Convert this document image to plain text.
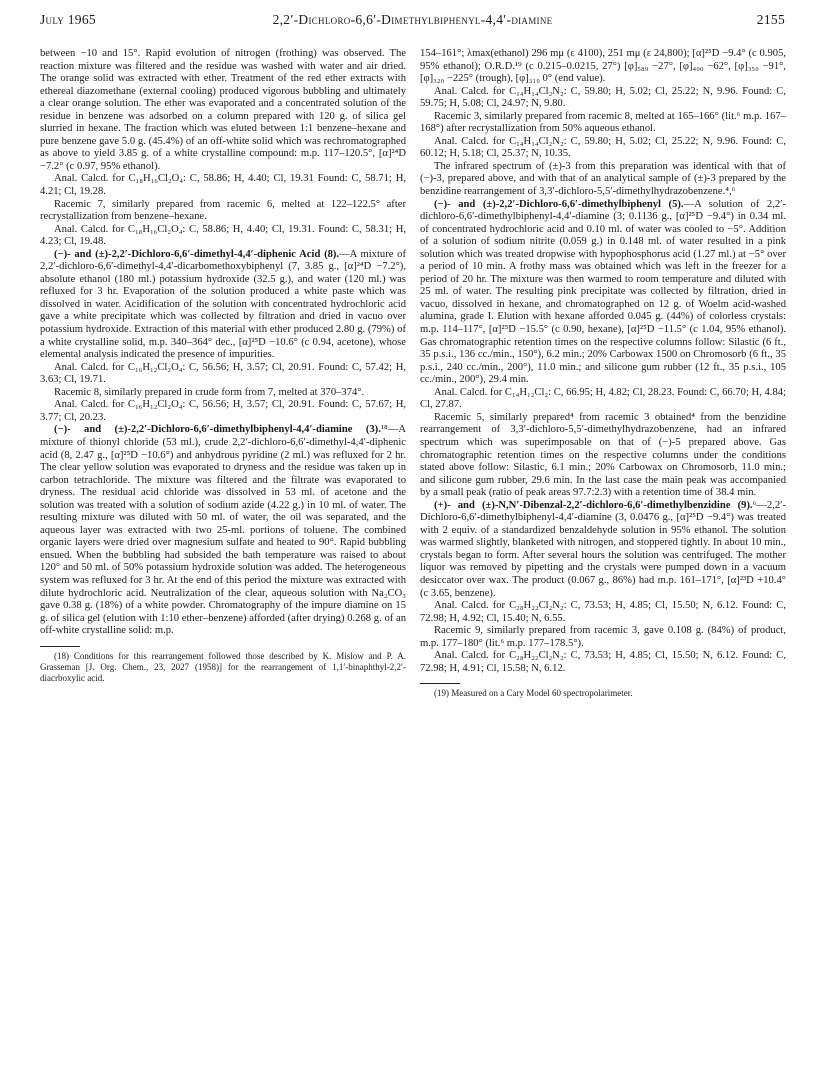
July 1965	2,2′-Dichloro-6,6′-Dimethylbiphenyl-4,4′-diamine	2155

between −10 and 15°. Rapid evolution of nitrogen (frothing) was observed. The reaction mixture was filtered and the residue was washed with water and air dried. The orange solid was extracted with ether. Treatment of the red ether extracts with ethereal diazomethane (external cooling) produced vigorous bubbling and ultimately a clear orange solution. The ether was evaporated and a concentrated solution of the residue in benzene was adsorbed on a column prepared with 120 g. of silica gel slurried in hexane. The fraction which was eluted between 1:1 benzene–hexane and pure benzene gave 5.0 g. (45.4%) of an off-white solid which was rechromatographed as above to yield 3.85 g. of a white crystalline compound: m.p. 117–120.5°, [α]²⁴D −7.2° (c 0.97, 95% ethanol).

Anal. Calcd. for C₁₈H₁₆Cl₂O₄: C, 58.86; H, 4.40; Cl, 19.31 Found: C, 58.71; H, 4.21; Cl, 19.28.

Racemic 7, similarly prepared from racemic 6, melted at 122–122.5° after recrystallization from benzene–hexane.

Anal. Calcd. for C₁₈H₁₆Cl₂O₄: C, 58.86; H, 4.40; Cl, 19.31. Found: C, 58.31; H, 4.23; Cl, 19.48.

(−)- and (±)-2,2′-Dichloro-6,6′-dimethyl-4,4′-diphenic Acid (8).—A mixture of 2,2′-dichloro-6,6′-dimethyl-4,4′-dicarbomethoxybiphenyl (7, 3.85 g., [α]²⁴D −7.2°), absolute ethanol (180 ml.) potassium hydroxide (32.5 g.), and water (120 ml.) was refluxed for 3 hr. Evaporation of the solution produced a white paste which was dissolved in water. Acidification of the solution with concentrated hydrochloric acid gave a white precipitate which was collected by filtration and dried in vacuo over potassium hydroxide. Extraction of this material with ether produced 2.80 g. (79%) of a white crystalline solid, m.p. 340–364° dec., [α]²⁵D −10.6° (c 0.94, acetone), whose elemental analysis indicated the presence of impurities.

Anal. Calcd. for C₁₆H₁₂Cl₂O₄: C, 56.56; H, 3.57; Cl, 20.91. Found: C, 57.42; H, 3.63; Cl, 19.71.

Racemic 8, similarly prepared in crude form from 7, melted at 370–374°.

Anal. Calcd. for C₁₆H₁₂Cl₂O₄: C, 56.56; H, 3.57; Cl, 20.91. Found: C, 57.67; H, 3.77; Cl, 20.23.

(−)- and (±)-2,2′-Dichloro-6,6′-dimethylbiphenyl-4,4′-diamine (3).¹⁸—A mixture of thionyl chloride (53 ml.), crude 2,2′-dichloro-6,6′-dimethyl-4,4′-diphenic acid (8, 2.47 g., [α]²⁵D −10.6°) and anhydrous pyridine (2 ml.) was refluxed for 2 hr. The clear yellow solution was evaporated to dryness and the residue was taken up in carbon tetrachloride. The mixture was filtered and the filtrate was evaporated to dryness. The residual acid chloride was dissolved in 53 ml. of acetone and the solution was treated with a solution of sodium azide (4.22 g.) in 10 ml. of water. The resulting mixture was diluted with 50 ml. of water, the oil was separated, and the aqueous layer was extracted with two 25-ml. portions of toluene. The combined organic layers were dried over magnesium sulfate and heated to 90°. Rapid bubbling ensued. When the bubbling had subsided the bath temperature was raised to about 120° and 50 ml. of 50% potassium hydroxide solution was added. The heterogeneous system was refluxed for 3 hr. At the end of this period the mixture was extracted with dilute hydrochloric acid. Neutralization of the clear, aqueous solution with Na₂CO₃ gave 0.38 g. (18%) of a white powder. Chromatography of the impure diamine on 15 g. of silica gel (elution with 1:10 ether–benzene) afforded (after drying) 0.268 g. of an off-white crystalline solid: m.p.

(18) Conditions for this rearrangement followed those described by K. Mislow and P. A. Grasseman [J. Org. Chem., 23, 2027 (1958)] for the rearrangement of 1,1′-binaphthyl-2,2′-diacrboxylic acid.

154–161°; λmax(ethanol) 296 mμ (ε 4100), 251 mμ (ε 24,800); [α]²⁵D −9.4° (c 0.905, 95% ethanol); O.R.D.¹⁹ (c 0.215–0.0215, 27°) [φ]₅₈₉ −27°, [φ]₄₀₀ −62°, [φ]₃₅₀ −91°, [φ]₃₂₀ −225° (trough), [φ]₃₁₀ 0° (end value).

Anal. Calcd. for C₁₄H₁₄Cl₂N₂: C, 59.80; H, 5.02; Cl, 25.22; N, 9.96. Found: C, 59.75; H, 5.08; Cl, 24.97; N, 9.80.

Racemic 3, similarly prepared from racemic 8, melted at 165–166° (lit.⁶ m.p. 167–168°) after recrystallization from 50% aqueous ethanol.

Anal. Calcd. for C₁₄H₁₄Cl₂N₂: C, 59.80; H, 5.02; Cl, 25.22; N, 9.96. Found: C, 60.12; H, 5.18; Cl, 25.37; N, 10.35.

The infrared spectrum of (±)-3 from this preparation was identical with that of (−)-3, prepared above, and with that of an analytical sample of (±)-3 prepared by the benzidine rearrangement of 3,3′-dichloro-5,5′-dimethylhydrazobenzene.⁴,⁶

(−)- and (±)-2,2′-Dichloro-6,6′-dimethylbiphenyl (5).—A solution of 2,2′-dichloro-6,6′-dimethylbiphenyl-4,4′-diamine (3; 0.1136 g., [α]²⁵D −9.4°) in 0.34 ml. of concentrated hydrochloric acid and 0.10 ml. of water was cooled to −5°. Addition of a solution of sodium nitrite (0.059 g.) in 0.148 ml. of water resulted in a pink solution which was treated dropwise with hypophosphorus acid (1.27 ml.) at −5° over a period of 10 min. A frothy mass was obtained which was left in the freezer for a period of 20 hr. The mixture was then warmed to room temperature and diluted with 25 ml. of water. The resulting pink precipitate was collected by filtration, dried in vacuo, dissolved in hexane, and chromatographed on 12 g. of Woelm acid-washed alumina, grade I. Elution with hexane afforded 0.045 g. (44%) of colorless crystals: m.p. 114–117°, [α]²⁵D −15.5° (c 0.90, hexane), [α]²⁵D −11.5° (c 1.04, 95% ethanol). Gas chromatographic retention times on the respective columns follow: Silastic (6 ft., 35 p.s.i., 136 cc./min., 150°), 6.2 min.; 20% Carbowax 1500 on Chromosorb (6 ft., 35 p.s.i., 240 cc./min., 200°), 11.0 min.; and silicone gum rubber (12 ft., 35 p.s.i., 105 cc./min., 200°), 29.4 min.

Anal. Calcd. for C₁₄H₁₂Cl₂: C, 66.95; H, 4.82; Cl, 28.23. Found: C, 66.70; H, 4.84; Cl, 27.87.

Racemic 5, similarly prepared⁴ from racemic 3 obtained⁴ from the benzidine rearrangement of 3,3′-dichloro-5,5′-dimethylhydrazobenzene, had an infrared spectrum which was superimposable on that of (−)-5 prepared above. Gas chromatographic retention times on the respective columns under the conditions stated above follow: Silastic, 6.1 min.; 20% Carbowax on Chromosorb, 11.0 min.; and silicone gum rubber, 29.6 min. In the last case the main peak was accompanied by a small peak (ratio of peak areas 97.7:2.3) with a retention time of 38.4 min.

(+)- and (±)-N,N′-Dibenzal-2,2′-dichloro-6,6′-dimethylbenzidine (9).⁶—2,2′-Dichloro-6,6′-dimethylbiphenyl-4,4′-diamine (3, 0.0476 g., [α]²⁵D −9.4°) was treated with 2 equiv. of a standardized benzaldehyde solution in 95% ethanol. The solution was warmed slightly, blanketed with nitrogen, and stoppered tightly. In about 10 min., crystals began to form. After several hours the solution was centrifuged. The mother liquor was removed by pipetting and the crystals were pumped down in a vacuum desiccator over wax. The product (0.067 g., 86%) had m.p. 161–171°, [α]²³D +10.4° (c 3.65, benzene).

Anal. Calcd. for C₂₈H₂₂Cl₂N₂: C, 73.53; H, 4.85; Cl, 15.50; N, 6.12. Found: C, 72.98; H, 4.92; Cl, 15.40; N, 6.55.

Racemic 9, similarly prepared from racemic 3, gave 0.108 g. (84%) of product, m.p. 177–180° (lit.⁶ m.p. 177–178.5°).

Anal. Calcd. for C₂₈H₂₂Cl₂N₂: C, 73.53; H, 4.85; Cl, 15.50; N, 6.12. Found: C, 72.98; H, 4.91; Cl, 15.58; N, 6.12.

(19) Measured on a Cary Model 60 spectropolarimeter.
